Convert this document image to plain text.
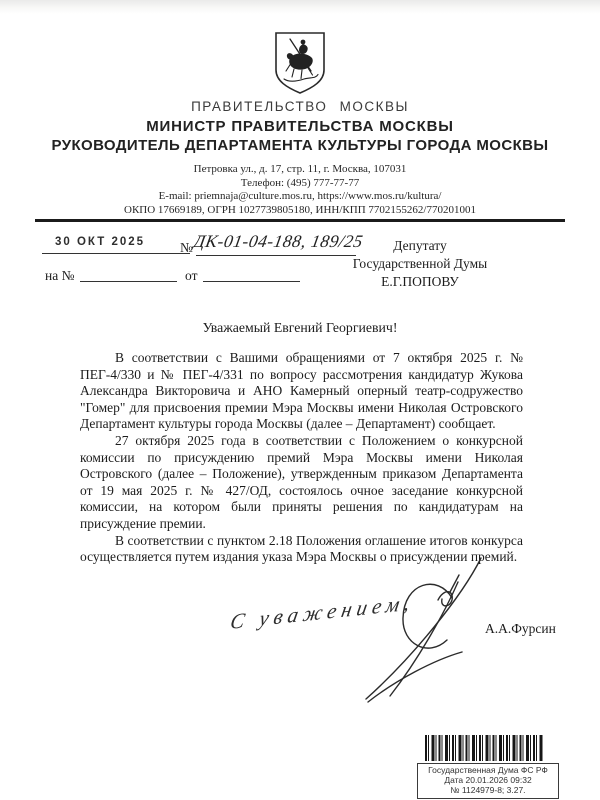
ПРАВИТЕЛЬСТВО МОСКВЫ
МИНИСТР ПРАВИТЕЛЬСТВА МОСКВЫ
РУКОВОДИТЕЛЬ ДЕПАРТАМЕНТА КУЛЬТУРЫ ГОРОДА МОСКВЫ
Петровка ул., д. 17, стр. 11, г. Москва, 107031
Телефон: (495) 777-77-77
E-mail: priemnaja@culture.mos.ru, https://www.mos.ru/kultura/
ОКПО 17669189, ОГРН 1027739805180, ИНН/КПП 7702155262/770201001
30 ОКТ 2025	№ ДК-01-04-188, 189/25
на №	от
Депутату
Государственной Думы
Е.Г.ПОПОВУ
Уважаемый Евгений Георгиевич!

В соответствии с Вашими обращениями от 7 октября 2025 г. № ПЕГ-4/330 и № ПЕГ-4/331 по вопросу рассмотрения кандидатур Жукова Александра Викторовича и АНО Камерный оперный театр-содружество "Гомер" для присвоения премии Мэра Москвы имени Николая Островского Департамент культуры города Москвы (далее – Департамент) сообщает.

27 октября 2025 года в соответствии с Положением о конкурсной комиссии по присуждению премий Мэра Москвы имени Николая Островского (далее – Положение), утвержденным приказом Департамента от 19 мая 2025 г. № 427/ОД, состоялось очное заседание конкурсной комиссии, на котором были приняты решения по кандидатурам на присуждение премии.

В соответствии с пунктом 2.18 Положения оглашение итогов конкурса осуществляется путем издания указа Мэра Москвы о присуждении премий.

С уважением,	А.А.Фурсин
Государственная Дума ФС РФ
Дата 20.01.2026 09:32
№ 1124979-8; 3.27.
